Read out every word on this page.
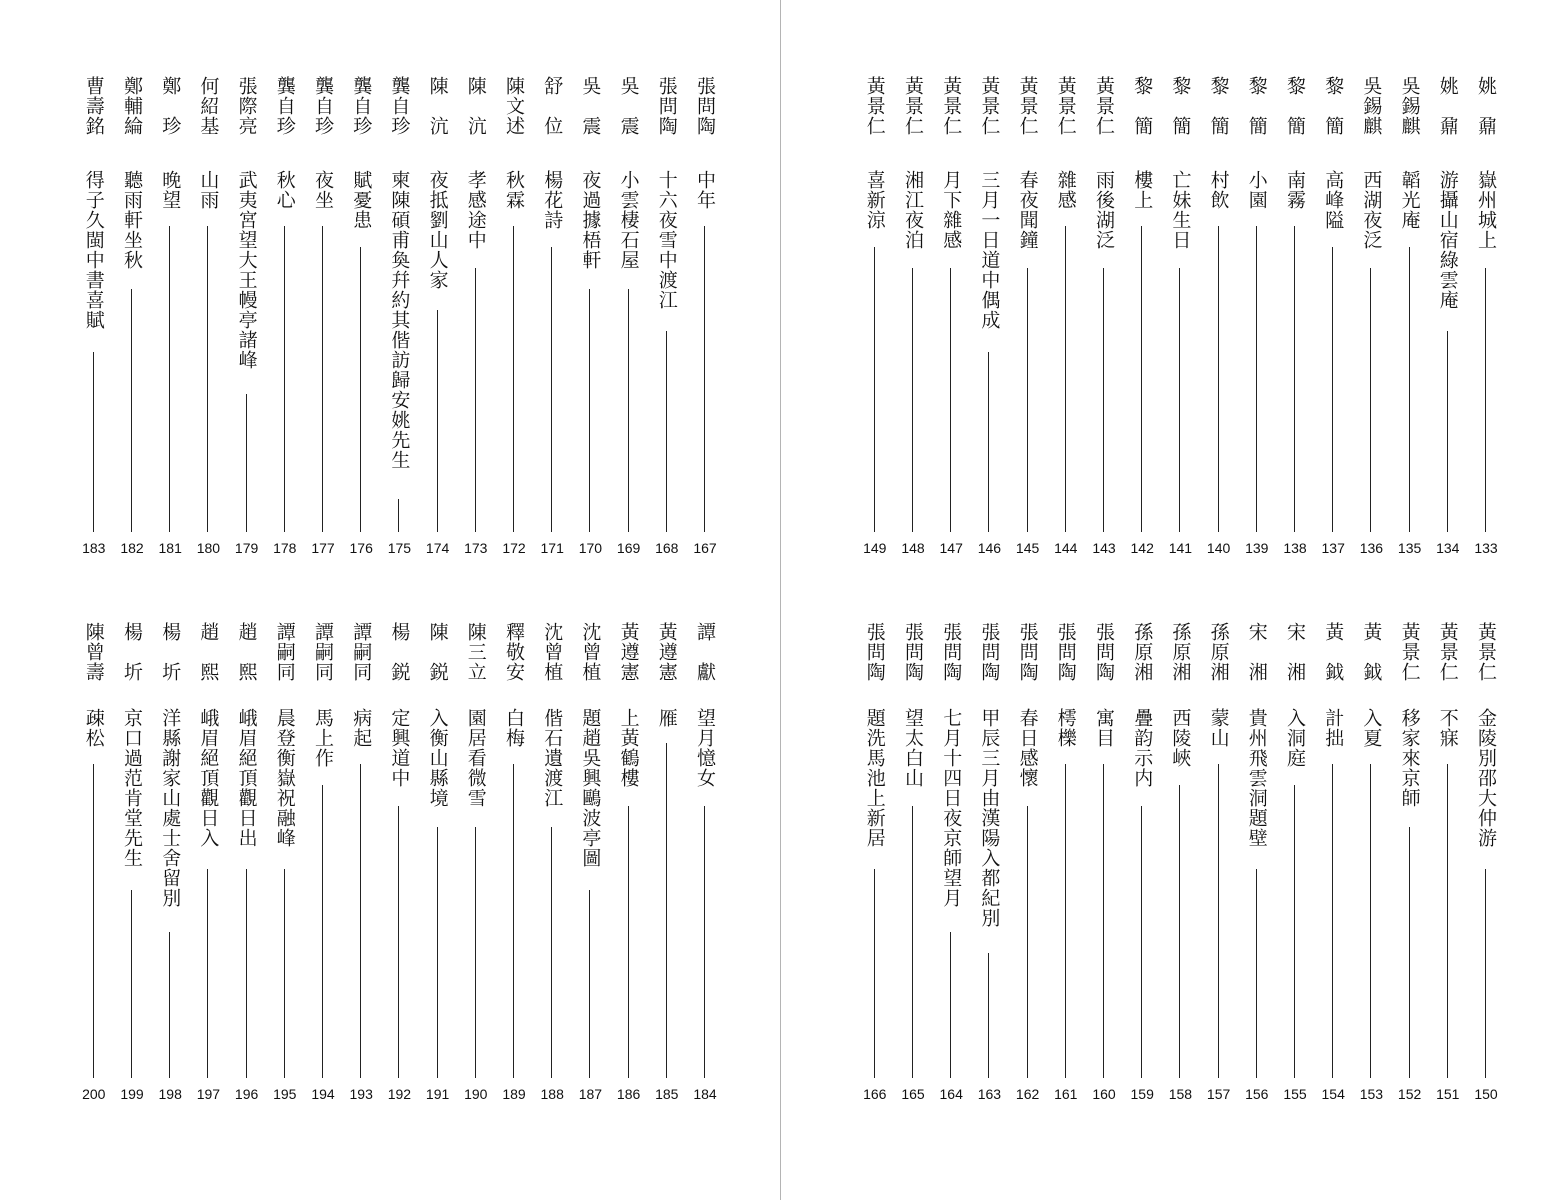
張問陶
中年
167
張問陶
十六夜雪中渡江
168
吳　震
小雲棲石屋
169
吳　震
夜過據梧軒
170
舒　位
楊花詩
171
陳文述
秋霖
172
陳　沆
孝感途中
173
陳　沆
夜抵劉山人家
174
龔自珍
柬陳碩甫奐幷約其偕訪歸安姚先生
175
龔自珍
賦憂患
176
龔自珍
夜坐
177
龔自珍
秋心
178
張際亮
武夷宮望大王幔亭諸峰
179
何紹基
山雨
180
鄭　珍
晚望
181
鄭輔綸
聽雨軒坐秋
182
曹壽銘
得子久閩中書喜賦
183
譚　獻
望月憶女
184
黃遵憲
雁
185
黃遵憲
上黃鶴樓
186
沈曾植
題趙吳興鷗波亭圖
187
沈曾植
偕石遺渡江
188
釋敬安
白梅
189
陳三立
園居看微雪
190
陳　鋭
入衡山縣境
191
楊　鋭
定興道中
192
譚嗣同
病起
193
譚嗣同
馬上作
194
譚嗣同
晨登衡嶽祝融峰
195
趙　熙
峨眉絕頂觀日出
196
趙　熙
峨眉絕頂觀日入
197
楊　圻
洋縣謝家山處士舍留別
198
楊　圻
京口過范肯堂先生
199
陳曾壽
疎松
200
姚　鼐
嶽州城上
133
姚　鼐
游攝山宿綠雲庵
134
吳錫麒
韜光庵
135
吳錫麒
西湖夜泛
136
黎　簡
高峰隘
137
黎　簡
南霧
138
黎　簡
小園
139
黎　簡
村飲
140
黎　簡
亡妹生日
141
黎　簡
樓上
142
黃景仁
雨後湖泛
143
黃景仁
雜感
144
黃景仁
春夜聞鐘
145
黃景仁
三月一日道中偶成
146
黃景仁
月下雜感
147
黃景仁
湘江夜泊
148
黃景仁
喜新涼
149
黃景仁
金陵別邵大仲游
150
黃景仁
不寐
151
黃景仁
移家來京師
152
黃　鉞
入夏
153
黃　鉞
計拙
154
宋　湘
入洞庭
155
宋　湘
貴州飛雲洞題壁
156
孫原湘
蒙山
157
孫原湘
西陵峽
158
孫原湘
疊韵示内
159
張問陶
寓目
160
張問陶
樗櫟
161
張問陶
春日感懷
162
張問陶
甲辰三月由漢陽入都紀別
163
張問陶
七月十四日夜京師望月
164
張問陶
望太白山
165
張問陶
題洗馬池上新居
166
